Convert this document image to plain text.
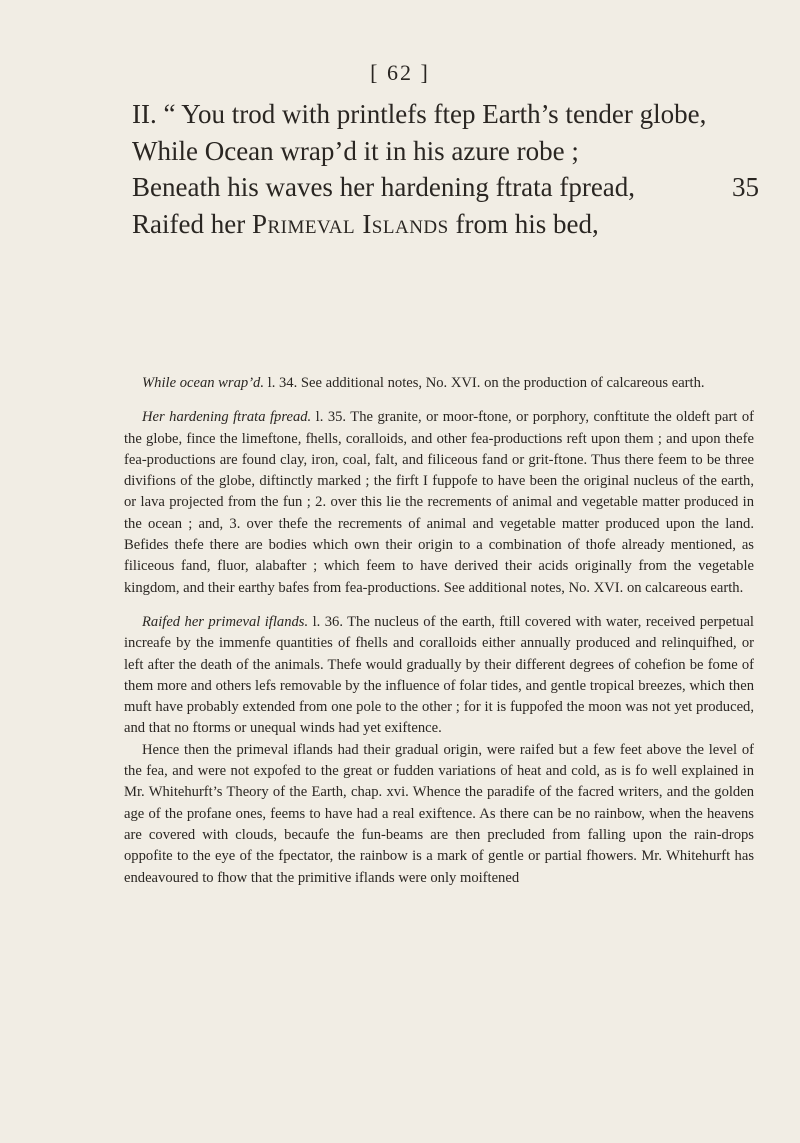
[ 62 ]
II. “ You trod with printlefs ftep Earth’s tender globe,
While Ocean wrap’d it in his azure robe ;
Beneath his waves her hardening ftrata fpread,	35
Raifed her Primeval Islands from his bed,

While ocean wrap’d. l. 34. See additional notes, No. XVI. on the production of calcareous earth.

Her hardening ftrata fpread. l. 35. The granite, or moor-ftone, or porphory, conftitute the oldeft part of the globe, fince the limeftone, fhells, coralloids, and other fea-productions reft upon them ; and upon thefe fea-productions are found clay, iron, coal, falt, and filiceous fand or grit-ftone. Thus there feem to be three divifions of the globe, diftinctly marked ; the firft I fuppofe to have been the original nucleus of the earth, or lava projected from the fun ; 2. over this lie the recrements of animal and vegetable matter produced in the ocean ; and, 3. over thefe the recrements of animal and vegetable matter produced upon the land. Befides thefe there are bodies which own their origin to a combination of thofe already mentioned, as filiceous fand, fluor, alabafter ; which feem to have derived their acids originally from the vegetable kingdom, and their earthy bafes from fea-productions. See additional notes, No. XVI. on calcareous earth.

Raifed her primeval iflands. l. 36. The nucleus of the earth, ftill covered with water, received perpetual increafe by the immenfe quantities of fhells and coralloids either annually produced and relinquifhed, or left after the death of the animals. Thefe would gradually by their different degrees of cohefion be fome of them more and others lefs removable by the influence of folar tides, and gentle tropical breezes, which then muft have probably extended from one pole to the other ; for it is fuppofed the moon was not yet produced, and that no ftorms or unequal winds had yet exiftence.

Hence then the primeval iflands had their gradual origin, were raifed but a few feet above the level of the fea, and were not expofed to the great or fudden variations of heat and cold, as is fo well explained in Mr. Whitehurft’s Theory of the Earth, chap. xvi. Whence the paradife of the facred writers, and the golden age of the profane ones, feems to have had a real exiftence. As there can be no rainbow, when the heavens are covered with clouds, becaufe the fun-beams are then precluded from falling upon the rain-drops oppofite to the eye of the fpectator, the rainbow is a mark of gentle or partial fhowers. Mr. Whitehurft has endeavoured to fhow that the primitive iflands were only moiftened
